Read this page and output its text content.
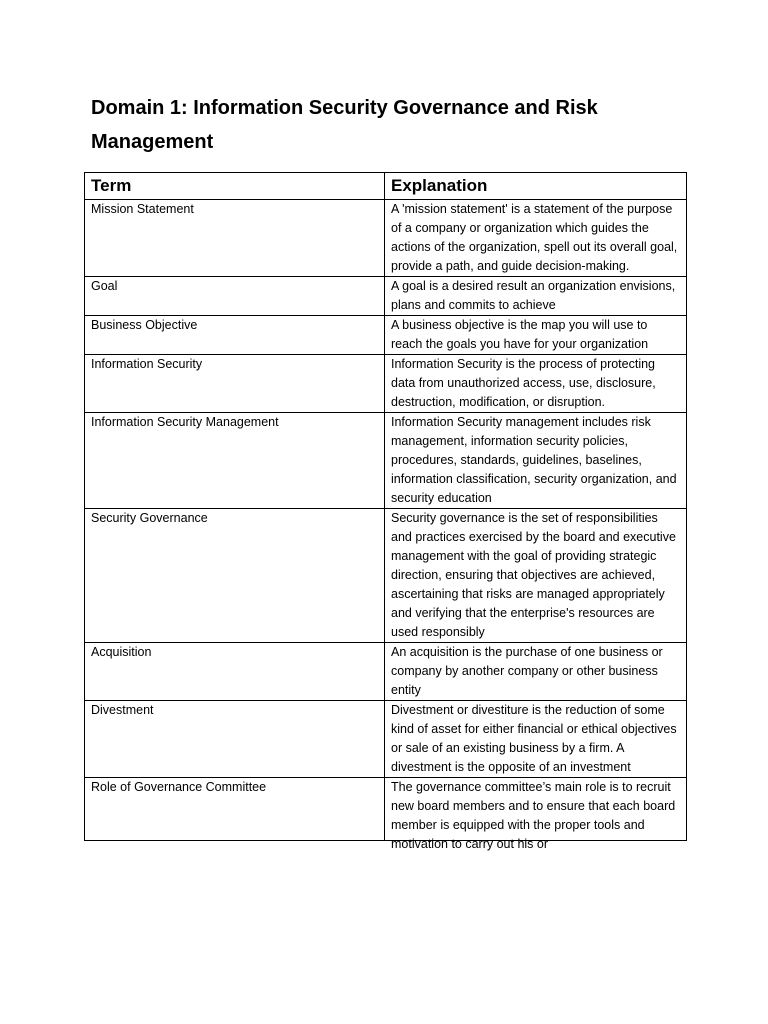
Domain 1: Information Security Governance and Risk Management
Term	Explanation
Mission Statement	A 'mission statement' is a statement of the purpose of a company or organization which guides the actions of the organization, spell out its overall goal, provide a path, and guide decision-making.
Goal	A goal is a desired result an organization envisions, plans and commits to achieve
Business Objective	A business objective is the map you will use to reach the goals you have for your organization
Information Security	Information Security is the process of protecting data from unauthorized access, use, disclosure, destruction, modification, or disruption.
Information Security Management	Information Security management includes risk management, information security policies, procedures, standards, guidelines, baselines, information classification, security organization, and security education
Security Governance	Security governance is the set of responsibilities and practices exercised by the board and executive management with the goal of providing strategic direction, ensuring that objectives are achieved, ascertaining that risks are managed appropriately and verifying that the enterprise's resources are used responsibly
Acquisition	An acquisition is the purchase of one business or company by another company or other business entity
Divestment	Divestment or divestiture is the reduction of some kind of asset for either financial or ethical objectives or sale of an existing business by a firm. A divestment is the opposite of an investment

Role of Governance Committee	The governance committee’s main role is to recruit new board members and to ensure that each board member is equipped with the proper tools and motivation to carry out his or
